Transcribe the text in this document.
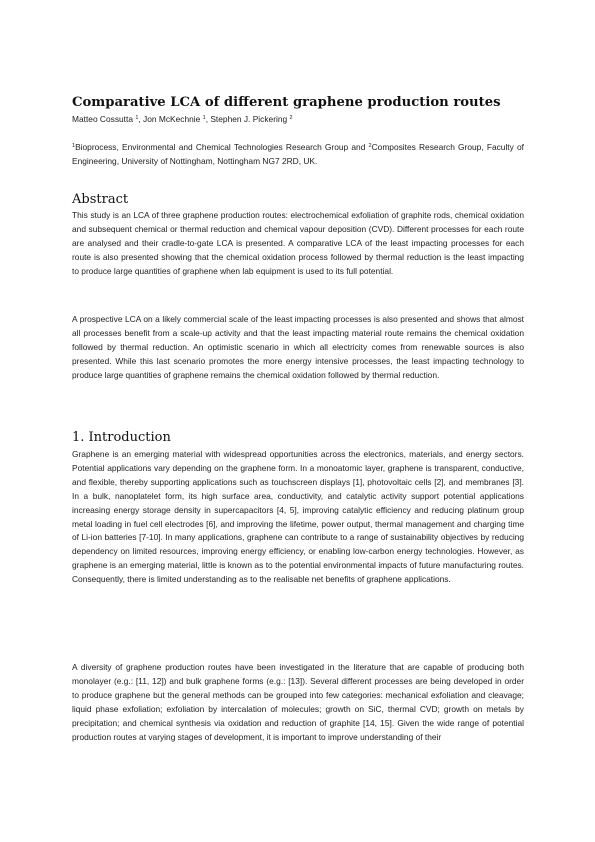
Comparative LCA of different graphene production routes
Matteo Cossutta $^1$, Jon McKechnie $^1$, Stephen J. Pickering $^2$
$^1$Bioprocess, Environmental and Chemical Technologies Research Group and $^2$Composites Research Group, Faculty of Engineering, University of Nottingham, Nottingham NG7 2RD, UK.
Abstract
This study is an LCA of three graphene production routes: electrochemical exfoliation of graphite rods, chemical oxidation and subsequent chemical or thermal reduction and chemical vapour deposition (CVD). Different processes for each route are analysed and their cradle-to-gate LCA is presented. A comparative LCA of the least impacting processes for each route is also presented showing that the chemical oxidation process followed by thermal reduction is the least impacting to produce large quantities of graphene when lab equipment is used to its full potential.
A prospective LCA on a likely commercial scale of the least impacting processes is also presented and shows that almost all processes benefit from a scale-up activity and that the least impacting material route remains the chemical oxidation followed by thermal reduction. An optimistic scenario in which all electricity comes from renewable sources is also presented. While this last scenario promotes the more energy intensive processes, the least impacting technology to produce large quantities of graphene remains the chemical oxidation followed by thermal reduction.
1. Introduction
Graphene is an emerging material with widespread opportunities across the electronics, materials, and energy sectors. Potential applications vary depending on the graphene form. In a monoatomic layer, graphene is transparent, conductive, and flexible, thereby supporting applications such as touchscreen displays [1], photovoltaic cells [2], and membranes [3]. In a bulk, nanoplatelet form, its high surface area, conductivity, and catalytic activity support potential applications increasing energy storage density in supercapacitors [4, 5], improving catalytic efficiency and reducing platinum group metal loading in fuel cell electrodes [6], and improving the lifetime, power output, thermal management and charging time of Li-ion batteries [7-10]. In many applications, graphene can contribute to a range of sustainability objectives by reducing dependency on limited resources, improving energy efficiency, or enabling low-carbon energy technologies. However, as graphene is an emerging material, little is known as to the potential environmental impacts of future manufacturing routes. Consequently, there is limited understanding as to the realisable net benefits of graphene applications.
A diversity of graphene production routes have been investigated in the literature that are capable of producing both monolayer (e.g.: [11, 12]) and bulk graphene forms (e.g.: [13]). Several different processes are being developed in order to produce graphene but the general methods can be grouped into few categories: mechanical exfoliation and cleavage; liquid phase exfoliation; exfoliation by intercalation of molecules; growth on SiC, thermal CVD; growth on metals by precipitation; and chemical synthesis via oxidation and reduction of graphite [14, 15]. Given the wide range of potential production routes at varying stages of development, it is important to improve understanding of their
